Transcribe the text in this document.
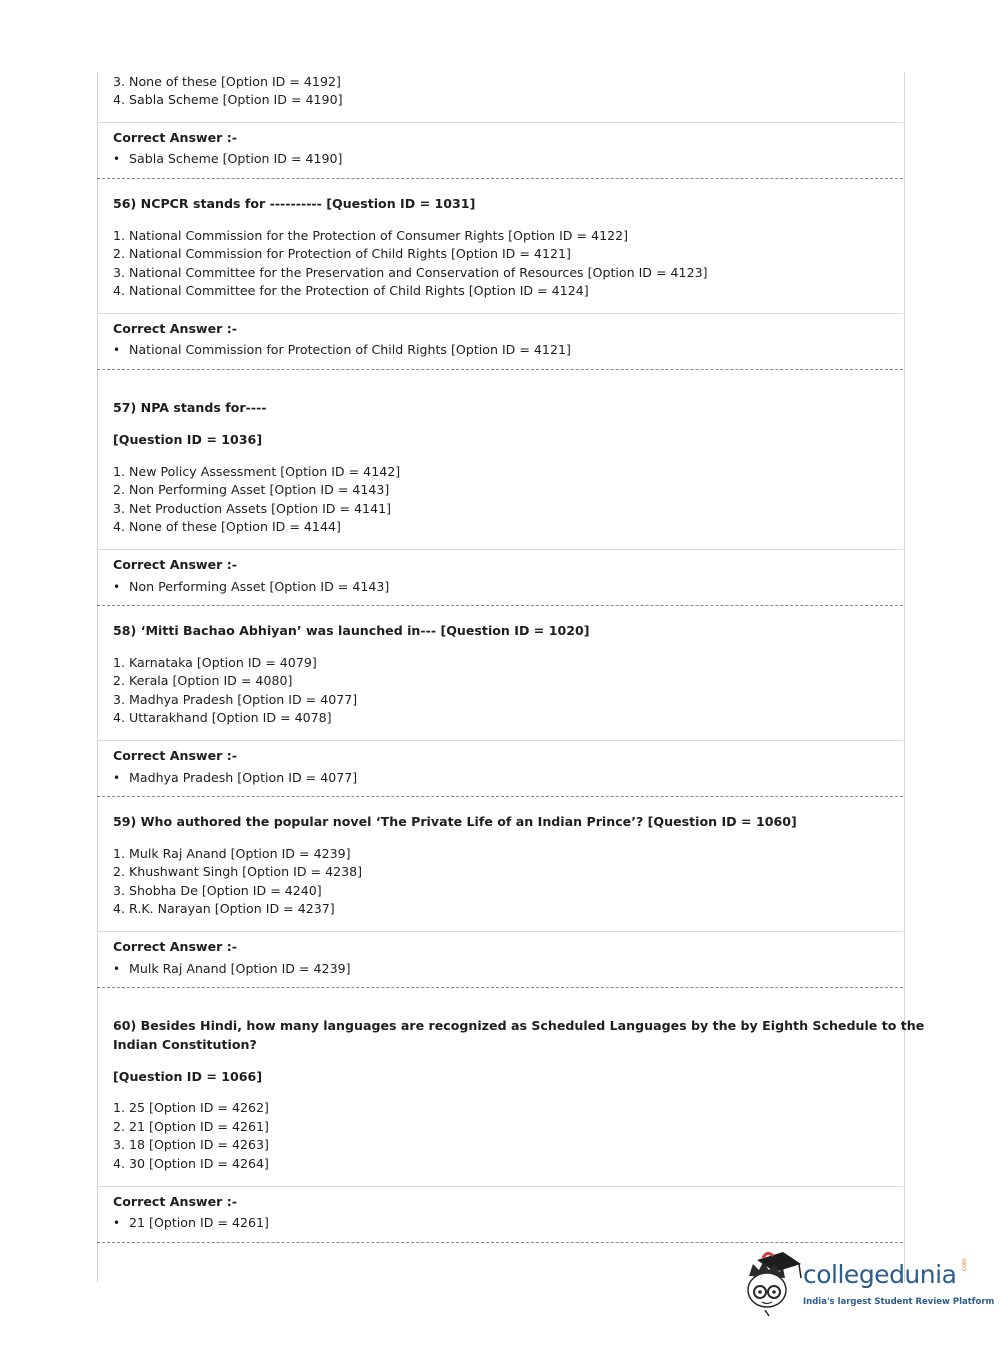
3. None of these [Option ID = 4192]
4. Sabla Scheme [Option ID = 4190]
Correct Answer :-
• Sabla Scheme [Option ID = 4190]
56) NCPCR stands for ---------- [Question ID = 1031]
1. National Commission for the Protection of Consumer Rights [Option ID = 4122]
2. National Commission for Protection of Child Rights [Option ID = 4121]
3. National Committee for the Preservation and Conservation of Resources [Option ID = 4123]
4. National Committee for the Protection of Child Rights [Option ID = 4124]
Correct Answer :-
• National Commission for Protection of Child Rights [Option ID = 4121]
57) NPA stands for----
[Question ID = 1036]
1. New Policy Assessment [Option ID = 4142]
2. Non Performing Asset [Option ID = 4143]
3. Net Production Assets [Option ID = 4141]
4. None of these [Option ID = 4144]
Correct Answer :-
• Non Performing Asset [Option ID = 4143]
58) ‘Mitti Bachao Abhiyan’ was launched in--- [Question ID = 1020]
1. Karnataka [Option ID = 4079]
2. Kerala [Option ID = 4080]
3. Madhya Pradesh [Option ID = 4077]
4. Uttarakhand [Option ID = 4078]
Correct Answer :-
• Madhya Pradesh [Option ID = 4077]
59) Who authored the popular novel ‘The Private Life of an Indian Prince’? [Question ID = 1060]
1. Mulk Raj Anand [Option ID = 4239]
2. Khushwant Singh [Option ID = 4238]
3. Shobha De [Option ID = 4240]
4. R.K. Narayan [Option ID = 4237]
Correct Answer :-
• Mulk Raj Anand [Option ID = 4239]
60) Besides Hindi, how many languages are recognized as Scheduled Languages by the by Eighth Schedule to the
Indian Constitution?
[Question ID = 1066]
1. 25 [Option ID = 4262]
2. 21 [Option ID = 4261]
3. 18 [Option ID = 4263]
4. 30 [Option ID = 4264]
Correct Answer :-
• 21 [Option ID = 4261]
collegedunia .com
India's largest Student Review Platform
